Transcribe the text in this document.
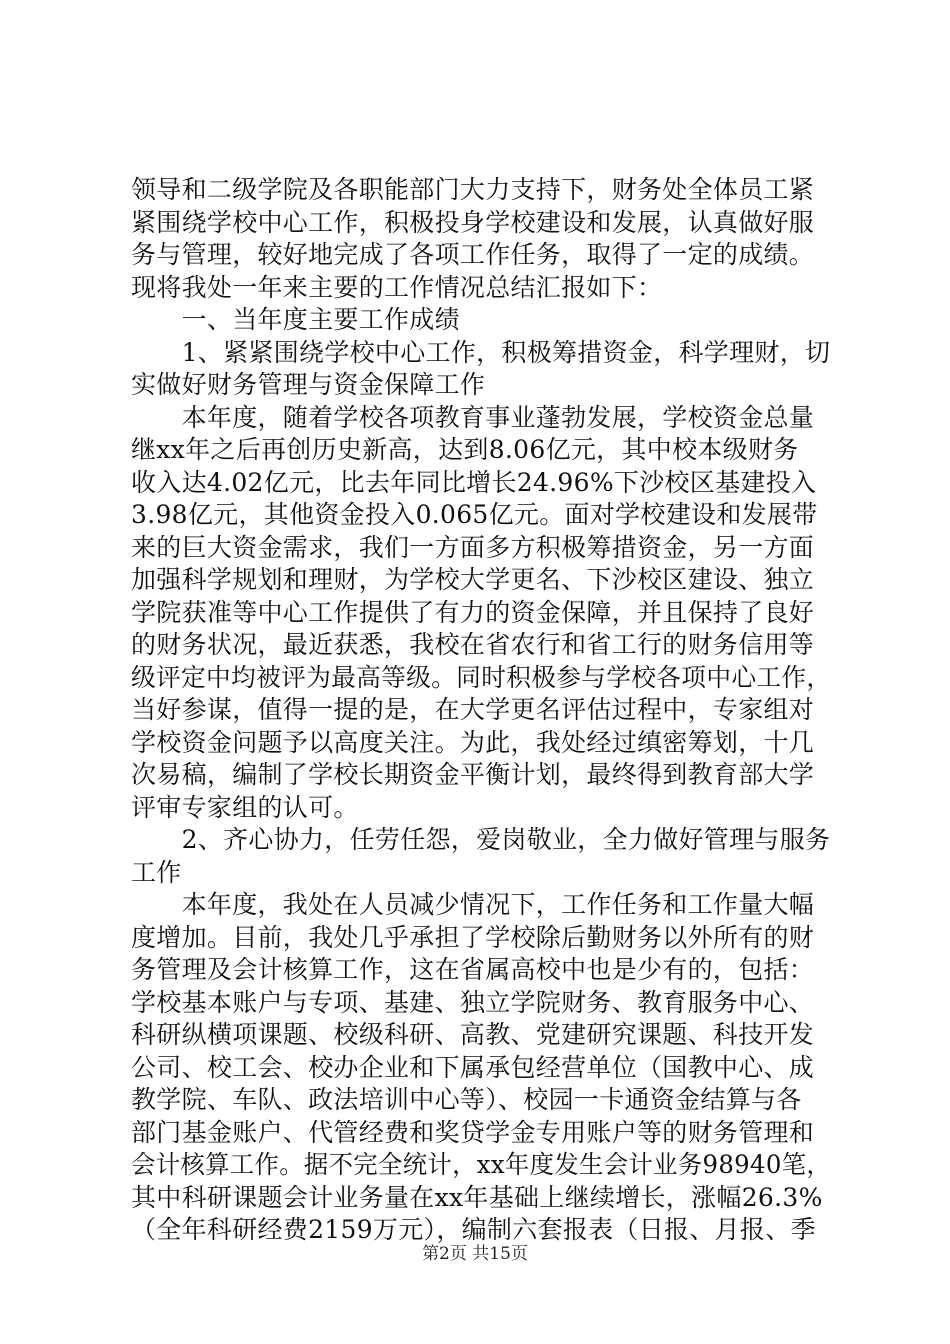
领导和二级学院及各职能部门大力支持下，财务处全体员工紧
紧围绕学校中心工作，积极投身学校建设和发展，认真做好服
务与管理，较好地完成了各项工作任务，取得了一定的成绩。
现将我处一年来主要的工作情况总结汇报如下：
　　一、当年度主要工作成绩
　　1、紧紧围绕学校中心工作，积极筹措资金，科学理财，切
实做好财务管理与资金保障工作
　　本年度，随着学校各项教育事业蓬勃发展，学校资金总量
继xx年之后再创历史新高，达到8.06亿元，其中校本级财务
收入达4.02亿元，比去年同比增长24.96%下沙校区基建投入
3.98亿元，其他资金投入0.065亿元。面对学校建设和发展带
来的巨大资金需求，我们一方面多方积极筹措资金，另一方面
加强科学规划和理财，为学校大学更名、下沙校区建设、独立
学院获准等中心工作提供了有力的资金保障，并且保持了良好
的财务状况，最近获悉，我校在省农行和省工行的财务信用等
级评定中均被评为最高等级。同时积极参与学校各项中心工作，
当好参谋，值得一提的是，在大学更名评估过程中，专家组对
学校资金问题予以高度关注。为此，我处经过缜密筹划，十几
次易稿，编制了学校长期资金平衡计划，最终得到教育部大学
评审专家组的认可。
　　2、齐心协力，任劳任怨，爱岗敬业，全力做好管理与服务
工作
　　本年度，我处在人员减少情况下，工作任务和工作量大幅
度增加。目前，我处几乎承担了学校除后勤财务以外所有的财
务管理及会计核算工作，这在省属高校中也是少有的，包括：
学校基本账户与专项、基建、独立学院财务、教育服务中心、
科研纵横项课题、校级科研、高教、党建研究课题、科技开发
公司、校工会、校办企业和下属承包经营单位（国教中心、成
教学院、车队、政法培训中心等）、校园一卡通资金结算与各
部门基金账户、代管经费和奖贷学金专用账户等的财务管理和
会计核算工作。据不完全统计，xx年度发生会计业务98940笔，
其中科研课题会计业务量在xx年基础上继续增长，涨幅26.3%
（全年科研经费2159万元），编制六套报表（日报、月报、季
第2页 共15页
